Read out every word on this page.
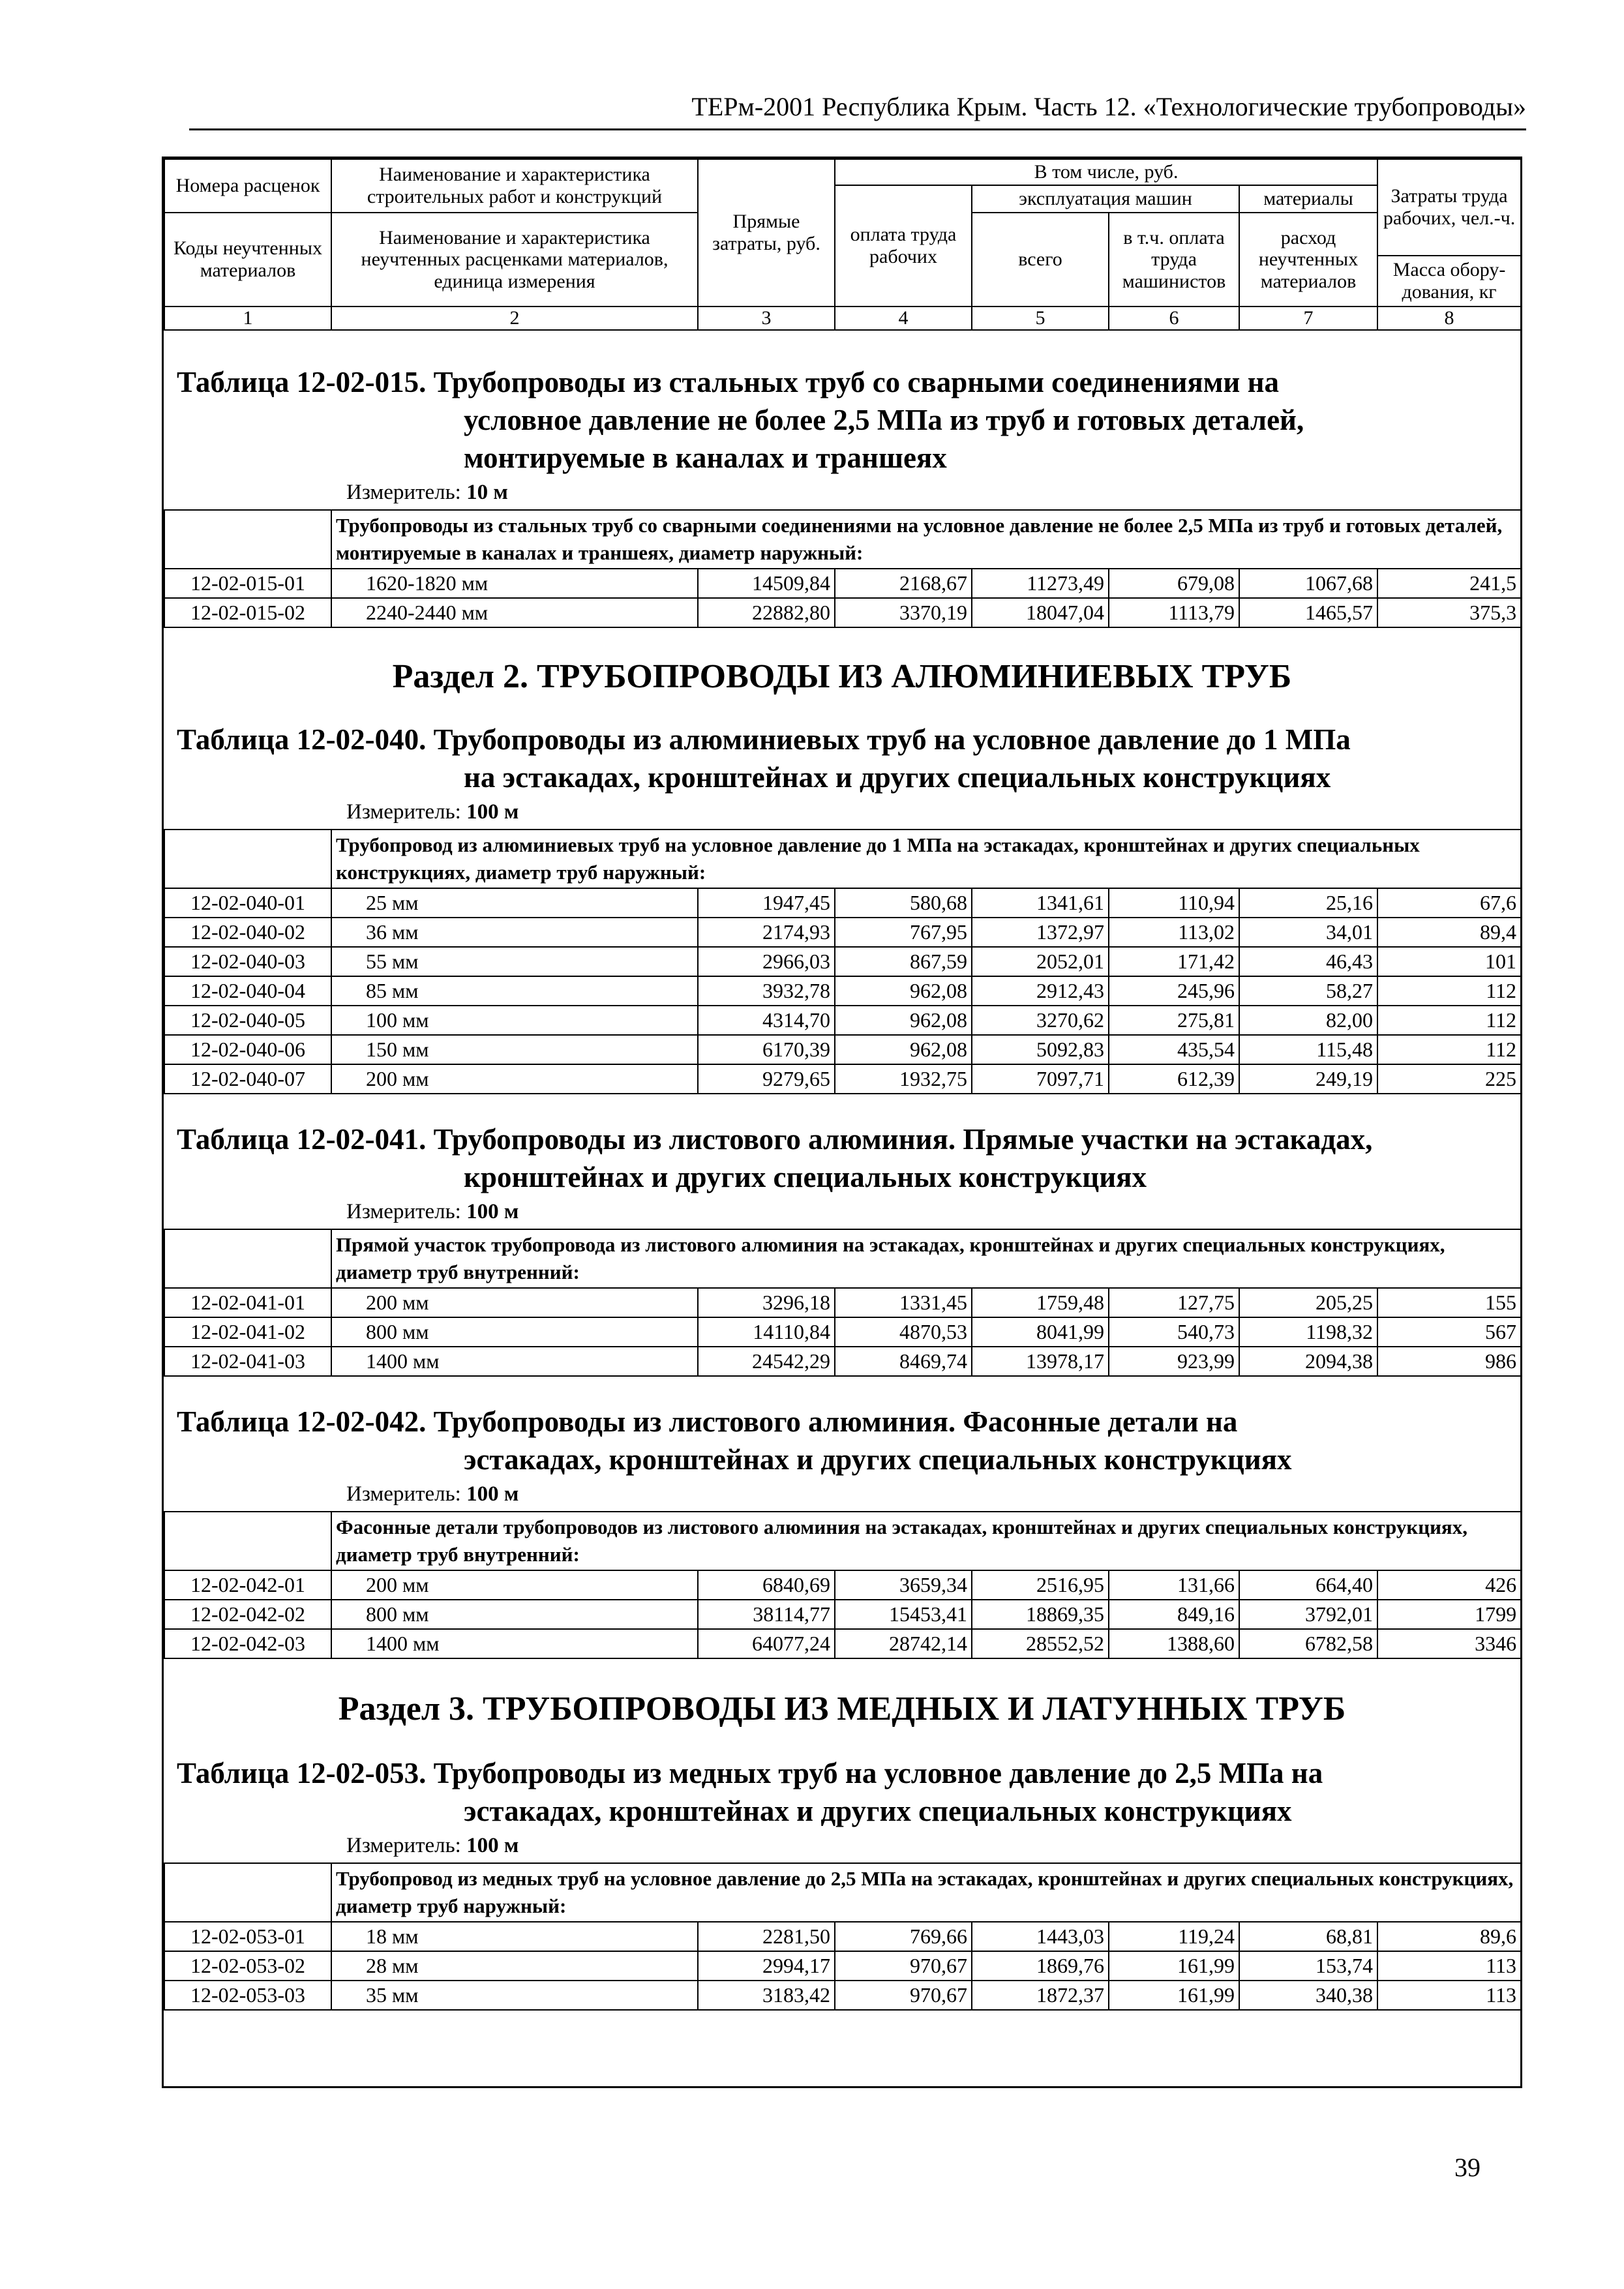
ТЕРм-2001 Республика Крым. Часть 12. «Технологические трубопроводы»
Номера расценок	Наименование и характеристика строительных работ и конструкций	Прямые затраты, руб.	В том числе, руб.				Затраты труда рабочих, чел.-ч.
			оплата труда рабочих	эксплуатация машин		материалы	
Коды неучтенных материалов	Наименование и характеристика неучтенных расценками материалов, единица измерения			всего	в т.ч. оплата труда машинистов	расход неучтенных материалов	
							Масса обору-дования, кг
1	2	3	4	5	6	7	8
Таблица 12-02-015. Трубопроводы из стальных труб со сварными соединениями на
условное давление не более 2,5 МПа из труб и готовых деталей,
монтируемые в каналах и траншеях
Измеритель: 10 м
	Трубопроводы из стальных труб со сварными соединениями на условное давление не более 2,5 МПа из труб и готовых деталей, монтируемые в каналах и траншеях, диаметр наружный:						
12-02-015-01	1620-1820 мм	14509,84	2168,67	11273,49	679,08	1067,68	241,5
12-02-015-02	2240-2440 мм	22882,80	3370,19	18047,04	1113,79	1465,57	375,3
Раздел 2. ТРУБОПРОВОДЫ ИЗ АЛЮМИНИЕВЫХ ТРУБ
Таблица 12-02-040. Трубопроводы из алюминиевых труб на условное давление до 1 МПа
на эстакадах, кронштейнах и других специальных конструкциях
Измеритель: 100 м
	Трубопровод из алюминиевых труб на условное давление до 1 МПа на эстакадах, кронштейнах и других специальных конструкциях, диаметр труб наружный:						
12-02-040-01	25 мм	1947,45	580,68	1341,61	110,94	25,16	67,6
12-02-040-02	36 мм	2174,93	767,95	1372,97	113,02	34,01	89,4
12-02-040-03	55 мм	2966,03	867,59	2052,01	171,42	46,43	101
12-02-040-04	85 мм	3932,78	962,08	2912,43	245,96	58,27	112
12-02-040-05	100 мм	4314,70	962,08	3270,62	275,81	82,00	112
12-02-040-06	150 мм	6170,39	962,08	5092,83	435,54	115,48	112
12-02-040-07	200 мм	9279,65	1932,75	7097,71	612,39	249,19	225
Таблица 12-02-041. Трубопроводы из листового алюминия. Прямые участки на эстакадах,
кронштейнах и других специальных конструкциях
Измеритель: 100 м
	Прямой участок трубопровода из листового алюминия на эстакадах, кронштейнах и других специальных конструкциях, диаметр труб внутренний:						
12-02-041-01	200 мм	3296,18	1331,45	1759,48	127,75	205,25	155
12-02-041-02	800 мм	14110,84	4870,53	8041,99	540,73	1198,32	567
12-02-041-03	1400 мм	24542,29	8469,74	13978,17	923,99	2094,38	986
Таблица 12-02-042. Трубопроводы из листового алюминия. Фасонные детали на
эстакадах, кронштейнах и других специальных конструкциях
Измеритель: 100 м
	Фасонные детали трубопроводов из листового алюминия на эстакадах, кронштейнах и других специальных конструкциях, диаметр труб внутренний:						
12-02-042-01	200 мм	6840,69	3659,34	2516,95	131,66	664,40	426
12-02-042-02	800 мм	38114,77	15453,41	18869,35	849,16	3792,01	1799
12-02-042-03	1400 мм	64077,24	28742,14	28552,52	1388,60	6782,58	3346
Раздел 3. ТРУБОПРОВОДЫ ИЗ МЕДНЫХ И ЛАТУННЫХ ТРУБ
Таблица 12-02-053. Трубопроводы из медных труб на условное давление до 2,5 МПа на
эстакадах, кронштейнах и других специальных конструкциях
Измеритель: 100 м
	Трубопровод из медных труб на условное давление до 2,5 МПа на эстакадах, кронштейнах и других специальных конструкциях, диаметр труб наружный:						
12-02-053-01	18 мм	2281,50	769,66	1443,03	119,24	68,81	89,6
12-02-053-02	28 мм	2994,17	970,67	1869,76	161,99	153,74	113
12-02-053-03	35 мм	3183,42	970,67	1872,37	161,99	340,38	113
39
